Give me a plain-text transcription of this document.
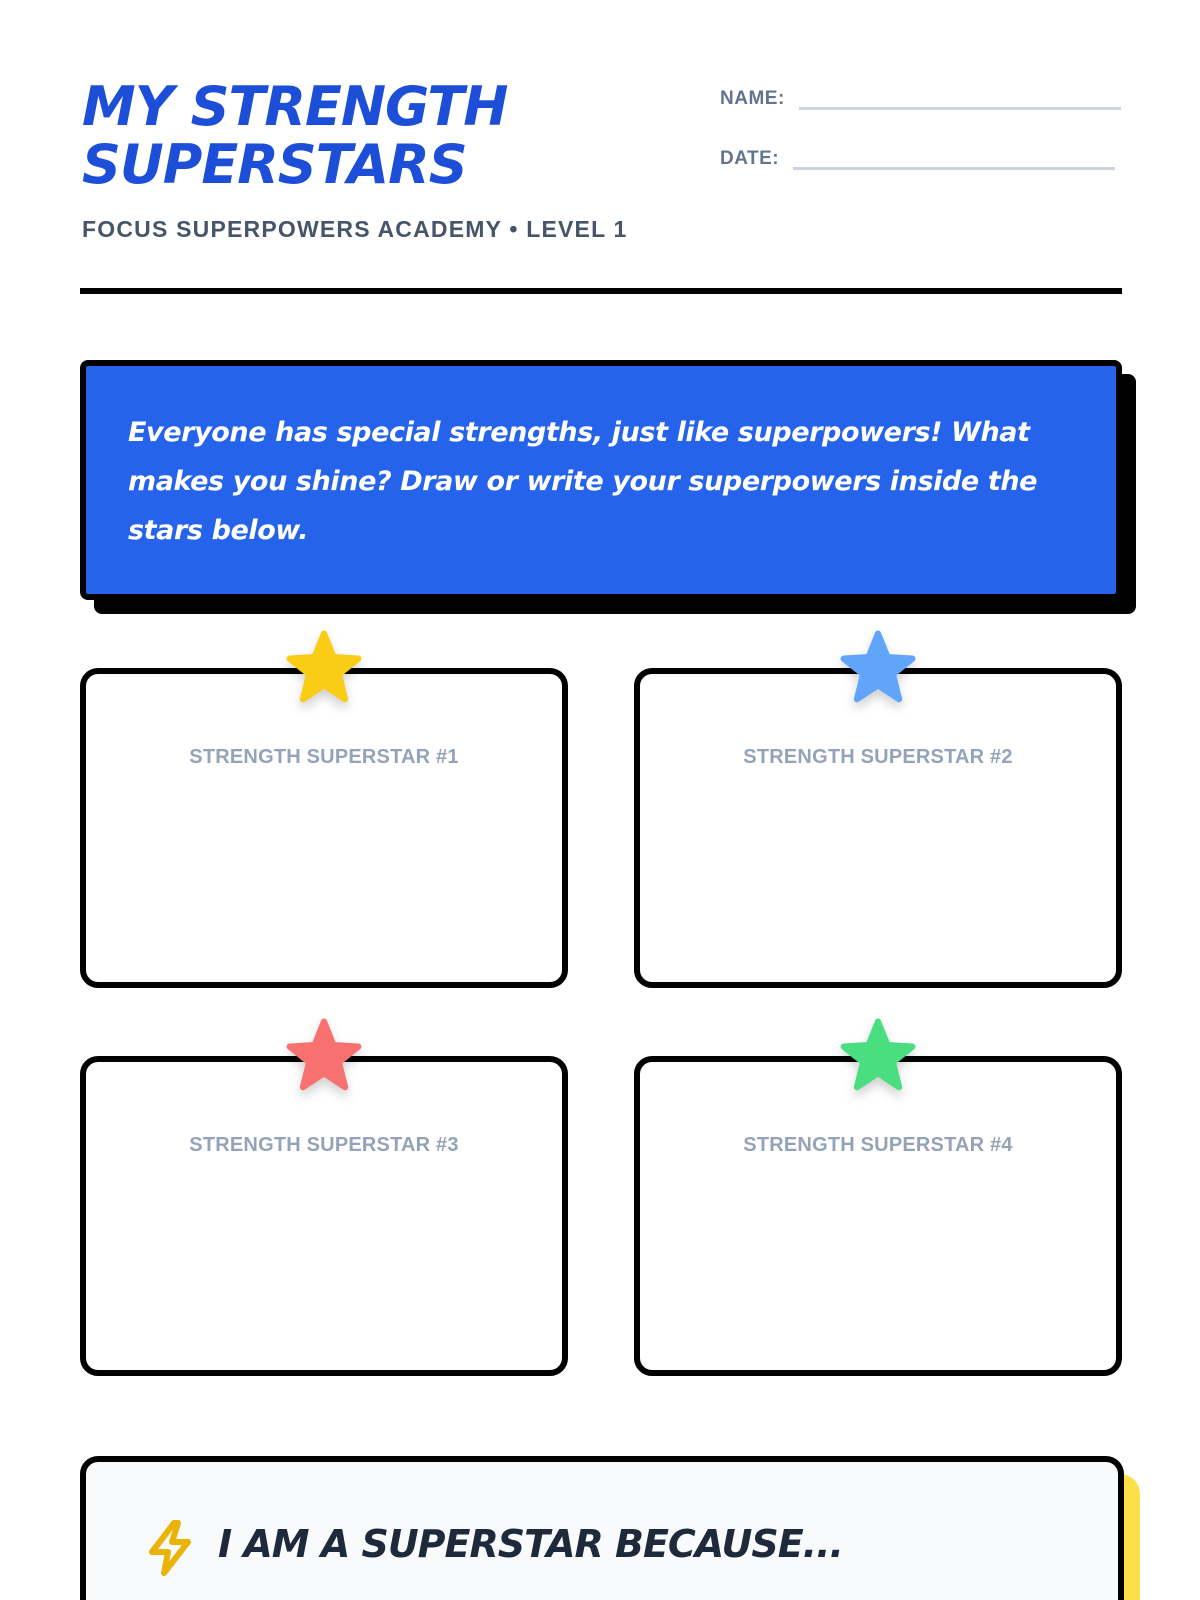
MY STRENGTH
SUPERSTARS
FOCUS SUPERPOWERS ACADEMY • LEVEL 1
NAME:
DATE:

Everyone has special strengths, just like superpowers! What makes you shine? Draw or write your superpowers inside the stars below.

STRENGTH SUPERSTAR #1	STRENGTH SUPERSTAR #2
STRENGTH SUPERSTAR #3	STRENGTH SUPERSTAR #4
I AM A SUPERSTAR BECAUSE...
